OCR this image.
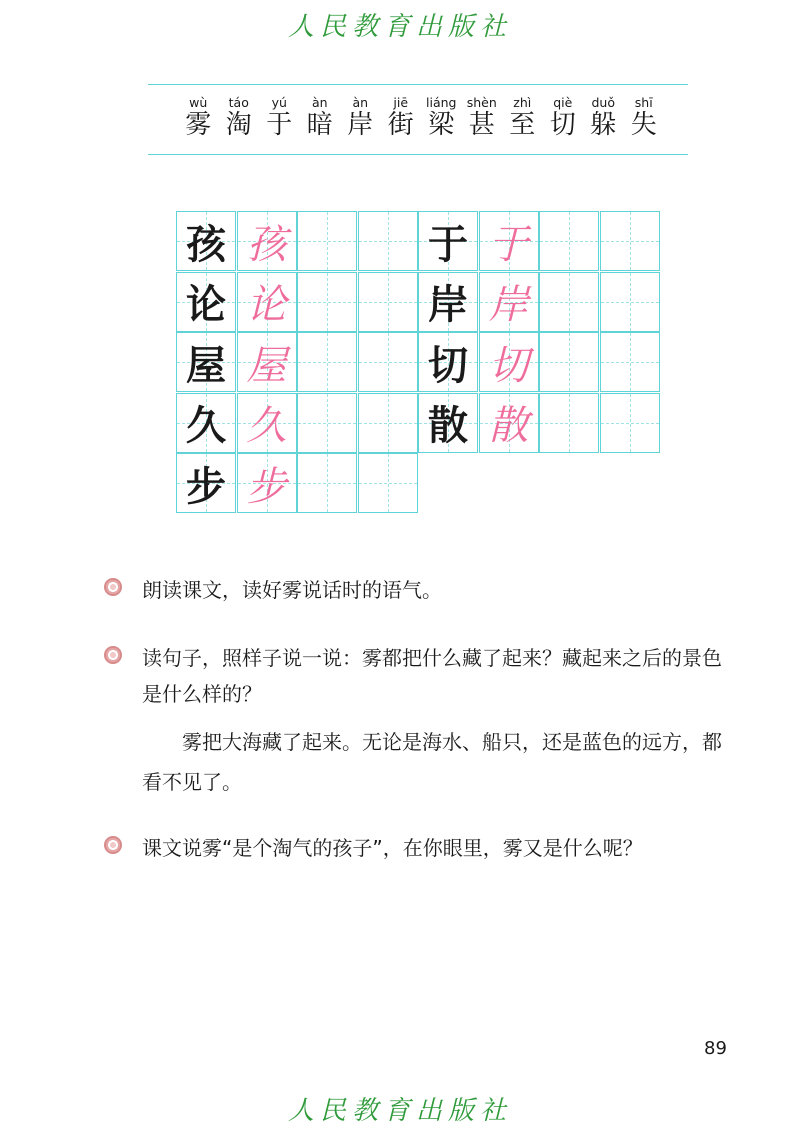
人民教育出版社
wù
雾
táo
淘
yú
于
àn
暗
àn
岸
jiē
街
liáng
梁
shèn
甚
zhì
至
qiè
切
duǒ
躲
shī
失
孩 孩
论 论
屋 屋
久 久
步 步
于 于
岸 岸
切 切
散 散
朗读课文，读好雾说话时的语气。
读句子，照样子说一说：雾都把什么藏了起来？藏起来之后的景色是什么样的？
雾把大海藏了起来。无论是海水、船只，还是蓝色的远方，都看不见了。
课文说雾“是个淘气的孩子”，在你眼里，雾又是什么呢？
89
人民教育出版社
